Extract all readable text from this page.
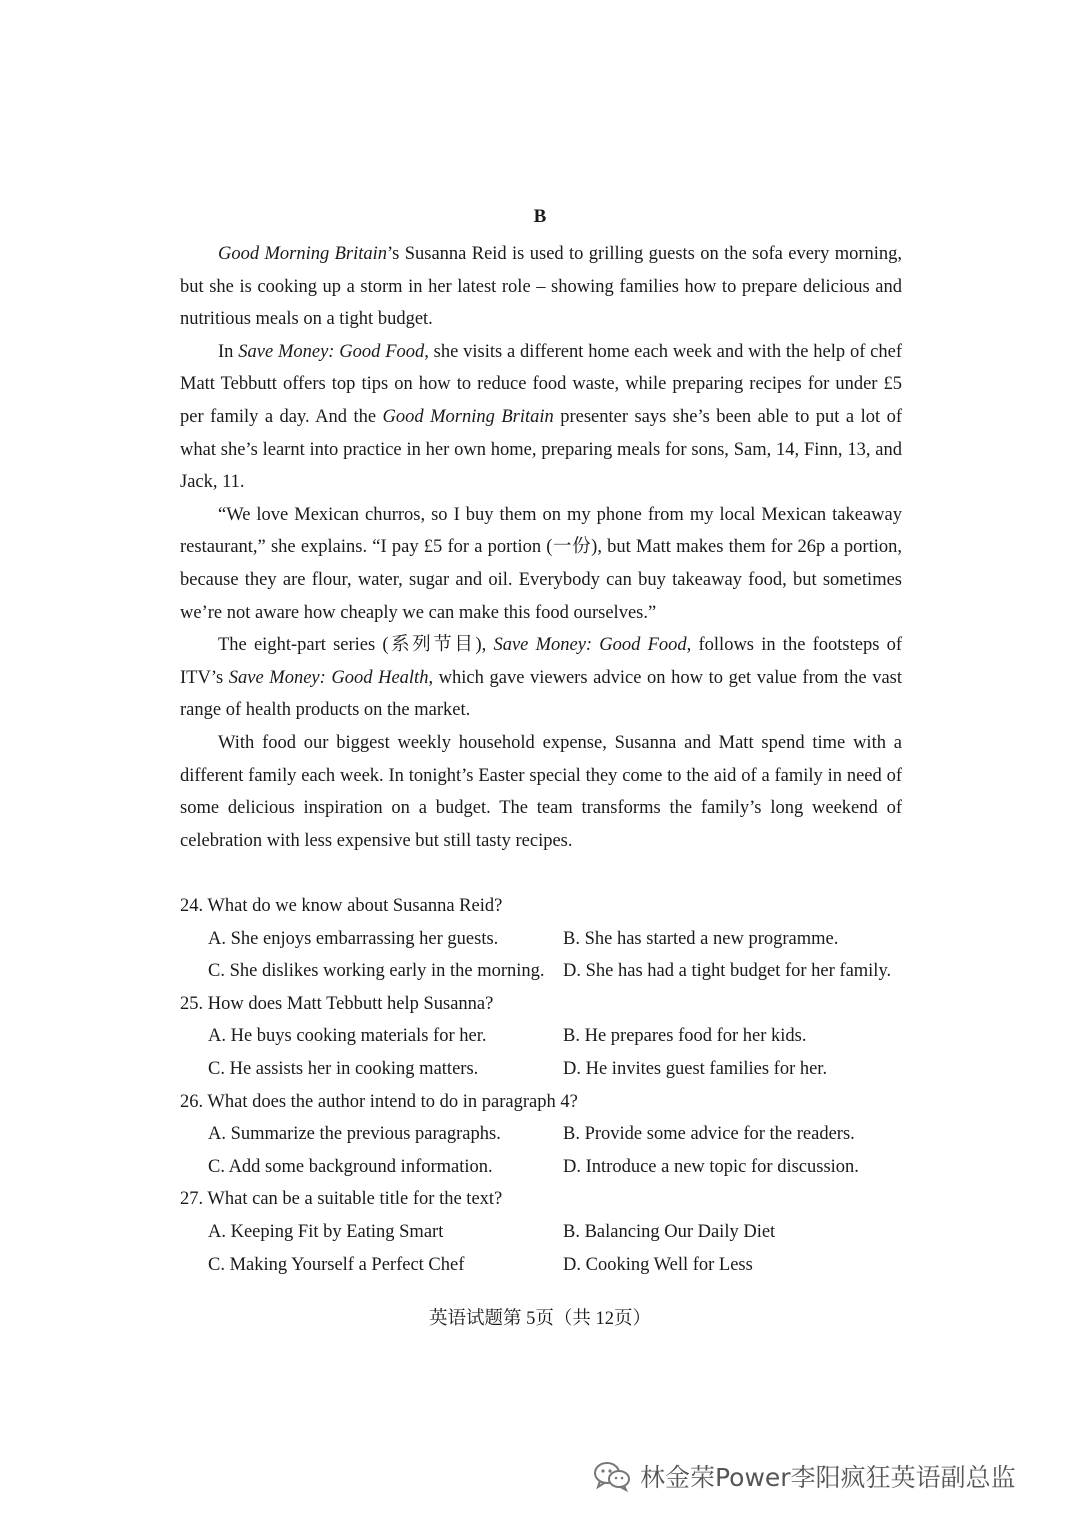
B

Good Morning Britain’s Susanna Reid is used to grilling guests on the sofa every morning, but she is cooking up a storm in her latest role – showing families how to prepare delicious and nutritious meals on a tight budget.

In Save Money: Good Food, she visits a different home each week and with the help of chef Matt Tebbutt offers top tips on how to reduce food waste, while preparing recipes for under £5 per family a day. And the Good Morning Britain presenter says she’s been able to put a lot of what she’s learnt into practice in her own home, preparing meals for sons, Sam, 14, Finn, 13, and Jack, 11.

“We love Mexican churros, so I buy them on my phone from my local Mexican takeaway restaurant,” she explains. “I pay £5 for a portion (一份), but Matt makes them for 26p a portion, because they are flour, water, sugar and oil. Everybody can buy takeaway food, but sometimes we’re not aware how cheaply we can make this food ourselves.”

The eight-part series (系列节目), Save Money: Good Food, follows in the footsteps of ITV’s Save Money: Good Health, which gave viewers advice on how to get value from the vast range of health products on the market.

With food our biggest weekly household expense, Susanna and Matt spend time with a different family each week. In tonight’s Easter special they come to the aid of a family in need of some delicious inspiration on a budget. The team transforms the family’s long weekend of celebration with less expensive but still tasty recipes.

24. What do we know about Susanna Reid?

A. She enjoys embarrassing her guests.	B. She has started a new programme.
C. She dislikes working early in the morning. D. She has had a tight budget for her family.

25. How does Matt Tebbutt help Susanna?

A. He buys cooking materials for her.	B. He prepares food for her kids.
C. He assists her in cooking matters.	D. He invites guest families for her.

26. What does the author intend to do in paragraph 4?

A. Summarize the previous paragraphs.	B. Provide some advice for the readers.
C. Add some background information.	D. Introduce a new topic for discussion.

27. What can be a suitable title for the text?

A. Keeping Fit by Eating Smart	B. Balancing Our Daily Diet
C. Making Yourself a Perfect Chef	D. Cooking Well for Less
英语试题第 5页（共 12页）
林金荣Power李阳疯狂英语副总监
